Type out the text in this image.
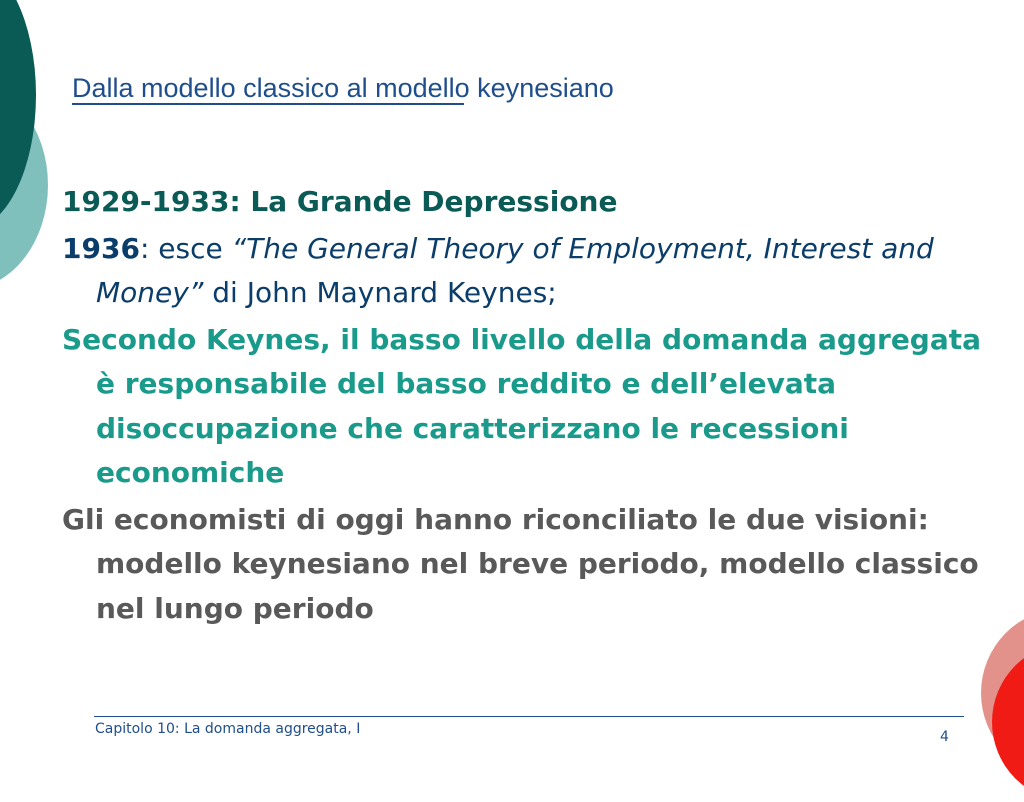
Dalla modello classico al modello keynesiano

1929-1933: La Grande Depressione

1936: esce “The General Theory of Employment, Interest and Money” di John Maynard Keynes;

Secondo Keynes, il basso livello della domanda aggregata è responsabile del basso reddito e dell’elevata disoccupazione che caratterizzano le recessioni economiche

Gli economisti di oggi hanno riconciliato le due visioni: modello keynesiano nel breve periodo, modello classico nel lungo periodo

Capitolo 10: La domanda aggregata, I	4
